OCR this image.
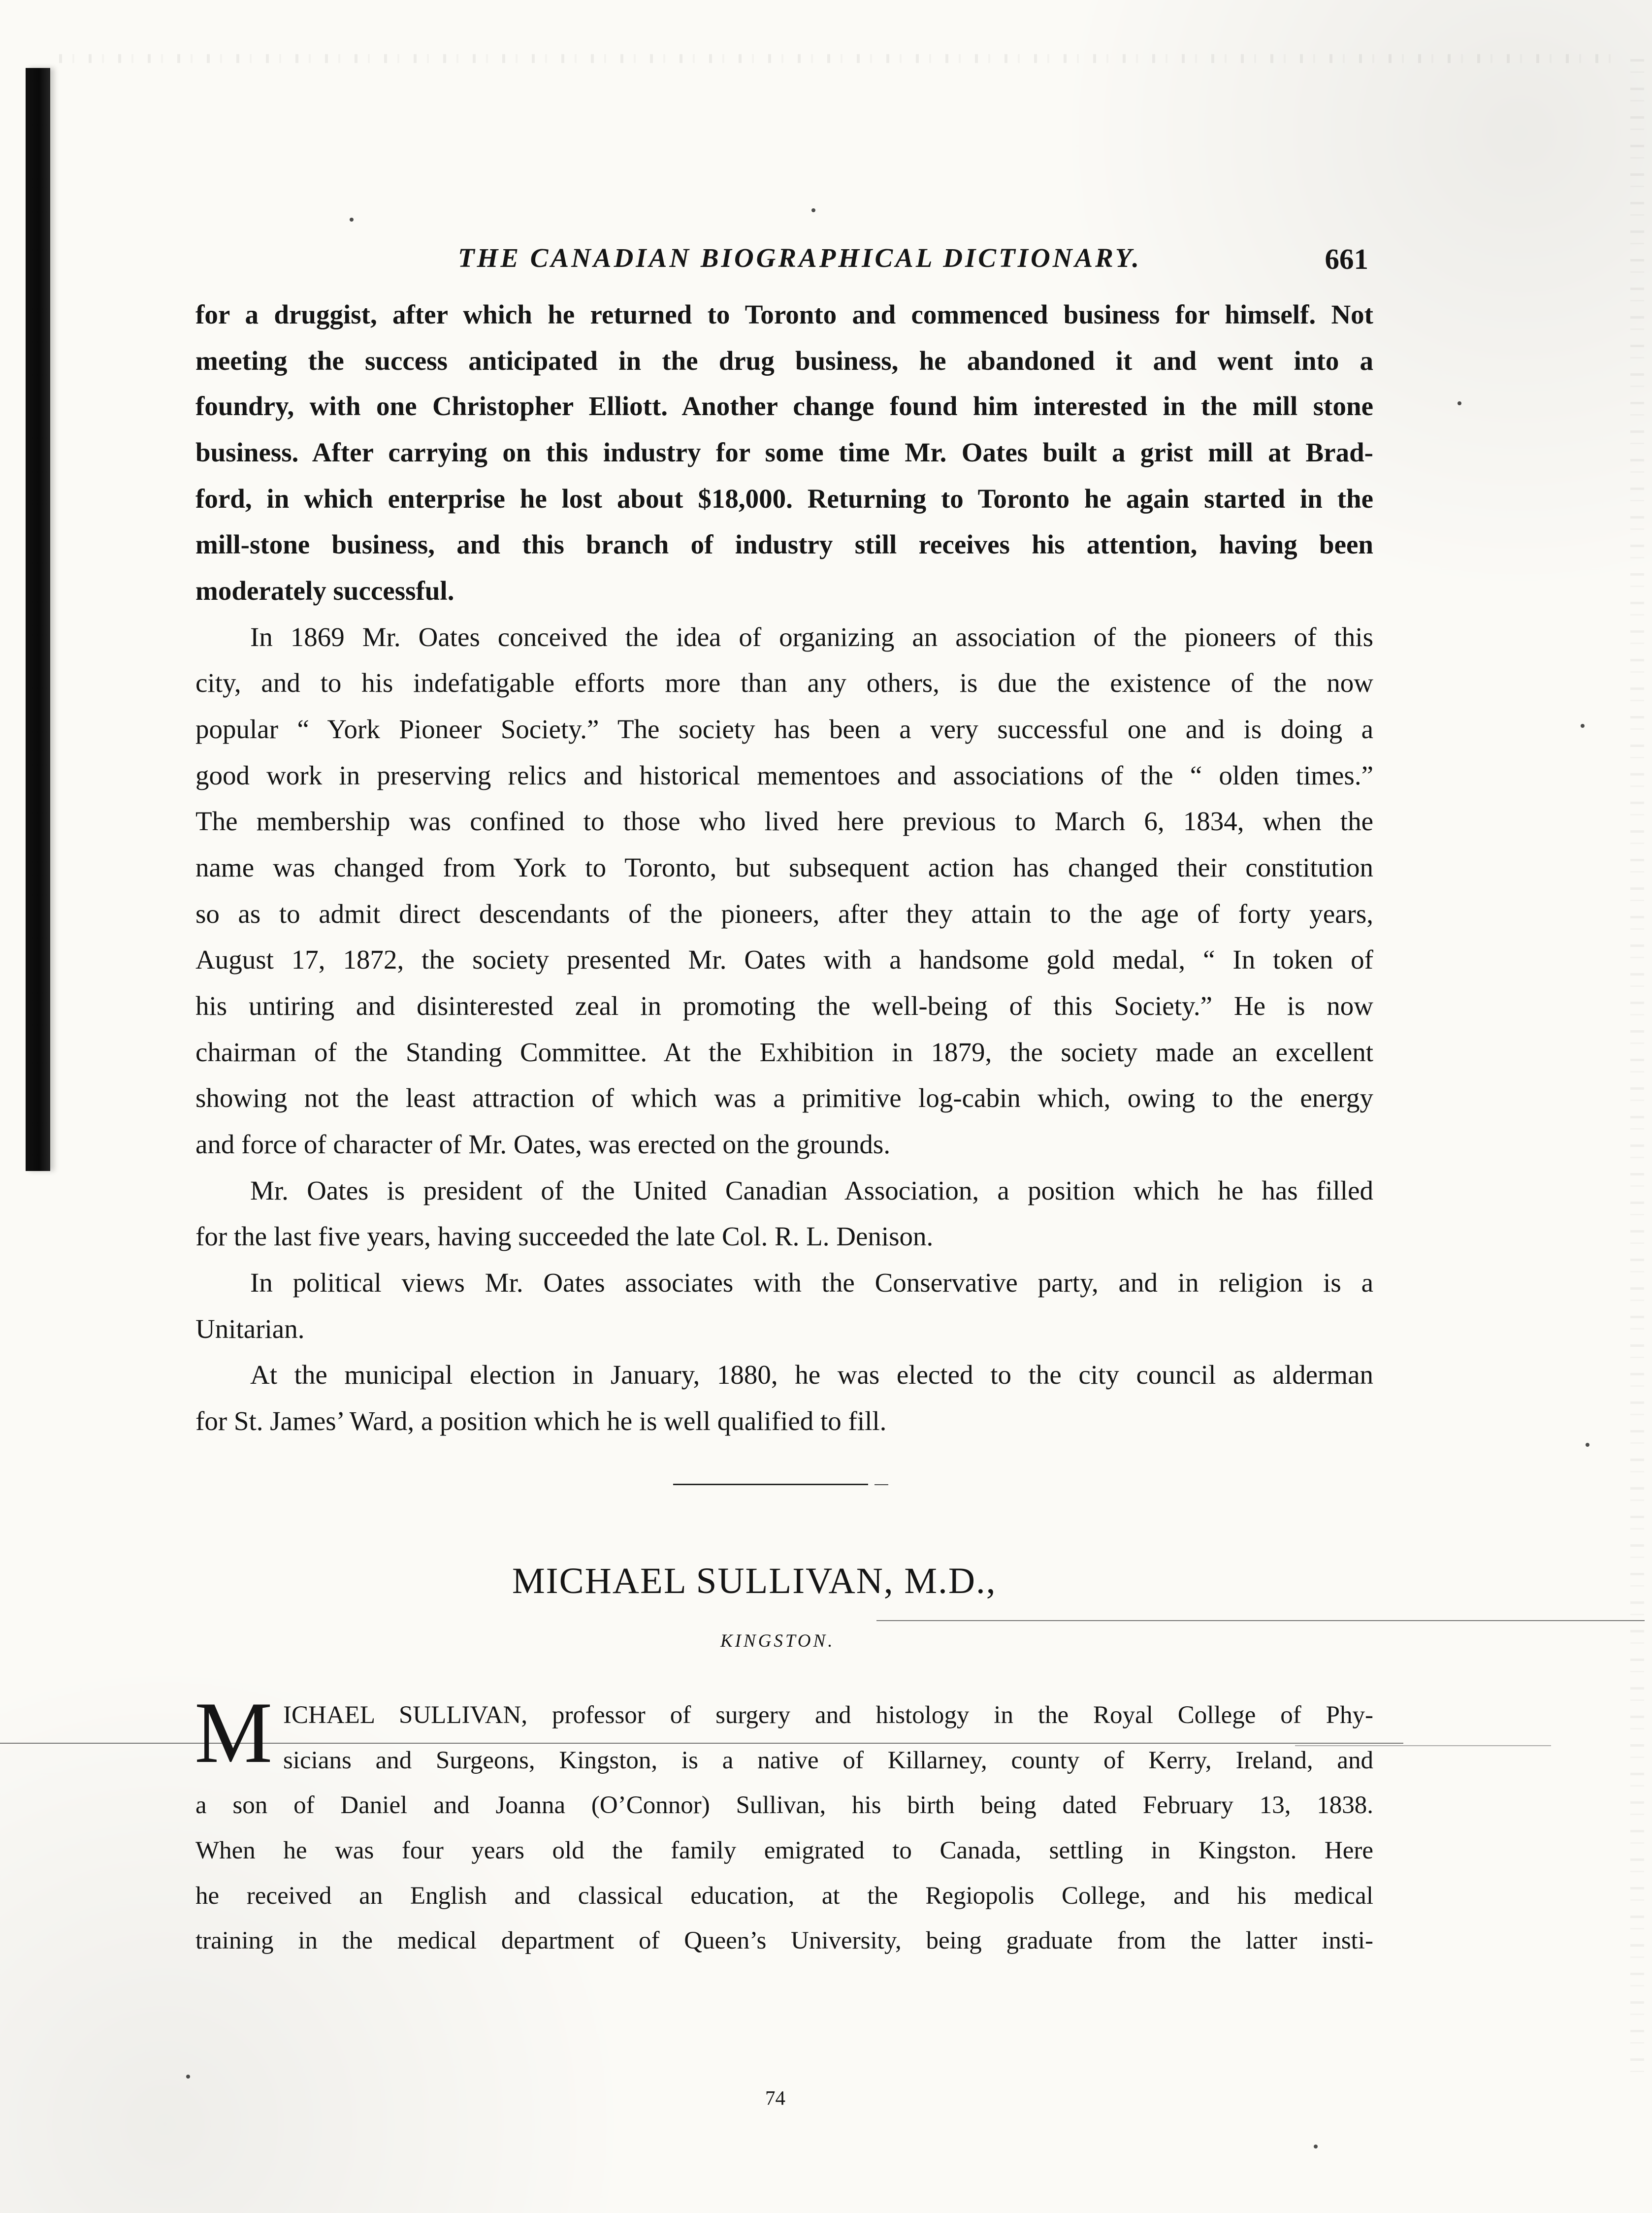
THE CANADIAN BIOGRAPHICAL DICTIONARY.	661
for a druggist, after which he returned to Toronto and commenced business for himself. Not
meeting the success anticipated in the drug business, he abandoned it and went into a
foundry, with one Christopher Elliott. Another change found him interested in the mill stone
business. After carrying on this industry for some time Mr. Oates built a grist mill at Brad-
ford, in which enterprise he lost about $18,000. Returning to Toronto he again started in the
mill-stone business, and this branch of industry still receives his attention, having been
moderately successful.
In 1869 Mr. Oates conceived the idea of organizing an association of the pioneers of this
city, and to his indefatigable efforts more than any others, is due the existence of the now
popular “ York Pioneer Society.” The society has been a very successful one and is doing a
good work in preserving relics and historical mementoes and associations of the “ olden times.”
The membership was confined to those who lived here previous to March 6, 1834, when the
name was changed from York to Toronto, but subsequent action has changed their constitution
so as to admit direct descendants of the pioneers, after they attain to the age of forty years,
August 17, 1872, the society presented Mr. Oates with a handsome gold medal, “ In token of
his untiring and disinterested zeal in promoting the well-being of this Society.” He is now
chairman of the Standing Committee. At the Exhibition in 1879, the society made an excellent
showing not the least attraction of which was a primitive log-cabin which, owing to the energy
and force of character of Mr. Oates, was erected on the grounds.
Mr. Oates is president of the United Canadian Association, a position which he has filled
for the last five years, having succeeded the late Col. R. L. Denison.
In political views Mr. Oates associates with the Conservative party, and in religion is a
Unitarian.
At the municipal election in January, 1880, he was elected to the city council as alderman
for St. James’ Ward, a position which he is well qualified to fill.
MICHAEL SULLIVAN, M.D.,
KINGSTON.
M ICHAEL SULLIVAN, professor of surgery and histology in the Royal College of Phy-
sicians and Surgeons, Kingston, is a native of Killarney, county of Kerry, Ireland, and
a son of Daniel and Joanna (O’Connor) Sullivan, his birth being dated February 13, 1838.
When he was four years old the family emigrated to Canada, settling in Kingston. Here
he received an English and classical education, at the Regiopolis College, and his medical
training in the medical department of Queen’s University, being graduate from the latter insti-
74
